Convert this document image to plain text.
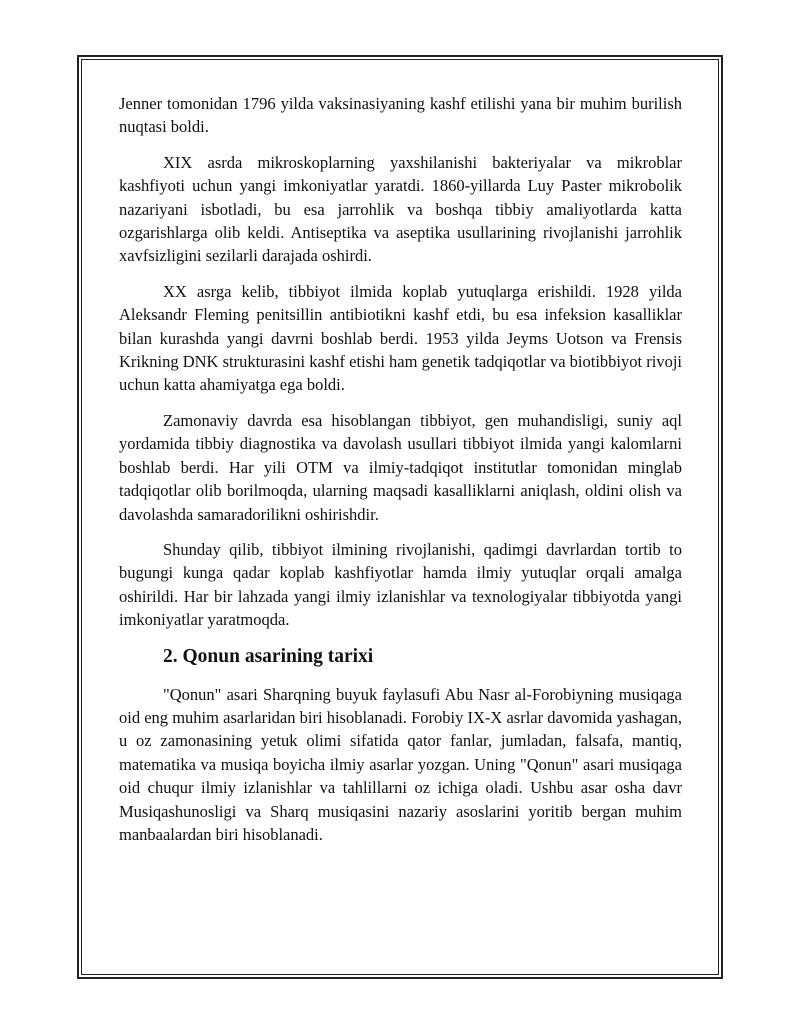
Jenner tomonidan 1796 yilda vaksinasiyaning kashf etilishi yana bir muhim burilish nuqtasi boldi.

XIX asrda mikroskoplarning yaxshilanishi bakteriyalar va mikroblar kashfiyoti uchun yangi imkoniyatlar yaratdi. 1860-yillarda Luy Paster mikrobolik nazariyani isbotladi, bu esa jarrohlik va boshqa tibbiy amaliyotlarda katta ozgarishlarga olib keldi. Antiseptika va aseptika usullarining rivojlanishi jarrohlik xavfsizligini sezilarli darajada oshirdi.

XX asrga kelib, tibbiyot ilmida koplab yutuqlarga erishildi. 1928 yilda Aleksandr Fleming penitsillin antibiotikni kashf etdi, bu esa infeksion kasalliklar bilan kurashda yangi davrni boshlab berdi. 1953 yilda Jeyms Uotson va Frensis Krikning DNK strukturasini kashf etishi ham genetik tadqiqotlar va biotibbiyot rivoji uchun katta ahamiyatga ega boldi.

Zamonaviy davrda esa hisoblangan tibbiyot, gen muhandisligi, suniy aql yordamida tibbiy diagnostika va davolash usullari tibbiyot ilmida yangi kalomlarni boshlab berdi. Har yili OTM va ilmiy-tadqiqot institutlar tomonidan minglab tadqiqotlar olib borilmoqda, ularning maqsadi kasalliklarni aniqlash, oldini olish va davolashda samaradorilikni oshirishdir.

Shunday qilib, tibbiyot ilmining rivojlanishi, qadimgi davrlardan tortib to bugungi kunga qadar koplab kashfiyotlar hamda ilmiy yutuqlar orqali amalga oshirildi. Har bir lahzada yangi ilmiy izlanishlar va texnologiyalar tibbiyotda yangi imkoniyatlar yaratmoqda.

2. Qonun asarining tarixi

"Qonun" asari Sharqning buyuk faylasufi Abu Nasr al-Forobiyning musiqaga oid eng muhim asarlaridan biri hisoblanadi. Forobiy IX-X asrlar davomida yashagan, u oz zamonasining yetuk olimi sifatida qator fanlar, jumladan, falsafa, mantiq, matematika va musiqa boyicha ilmiy asarlar yozgan. Uning "Qonun" asari musiqaga oid chuqur ilmiy izlanishlar va tahlillarni oz ichiga oladi. Ushbu asar osha davr Musiqashunosligi va Sharq musiqasini nazariy asoslarini yoritib bergan muhim manbaalardan biri hisoblanadi.
